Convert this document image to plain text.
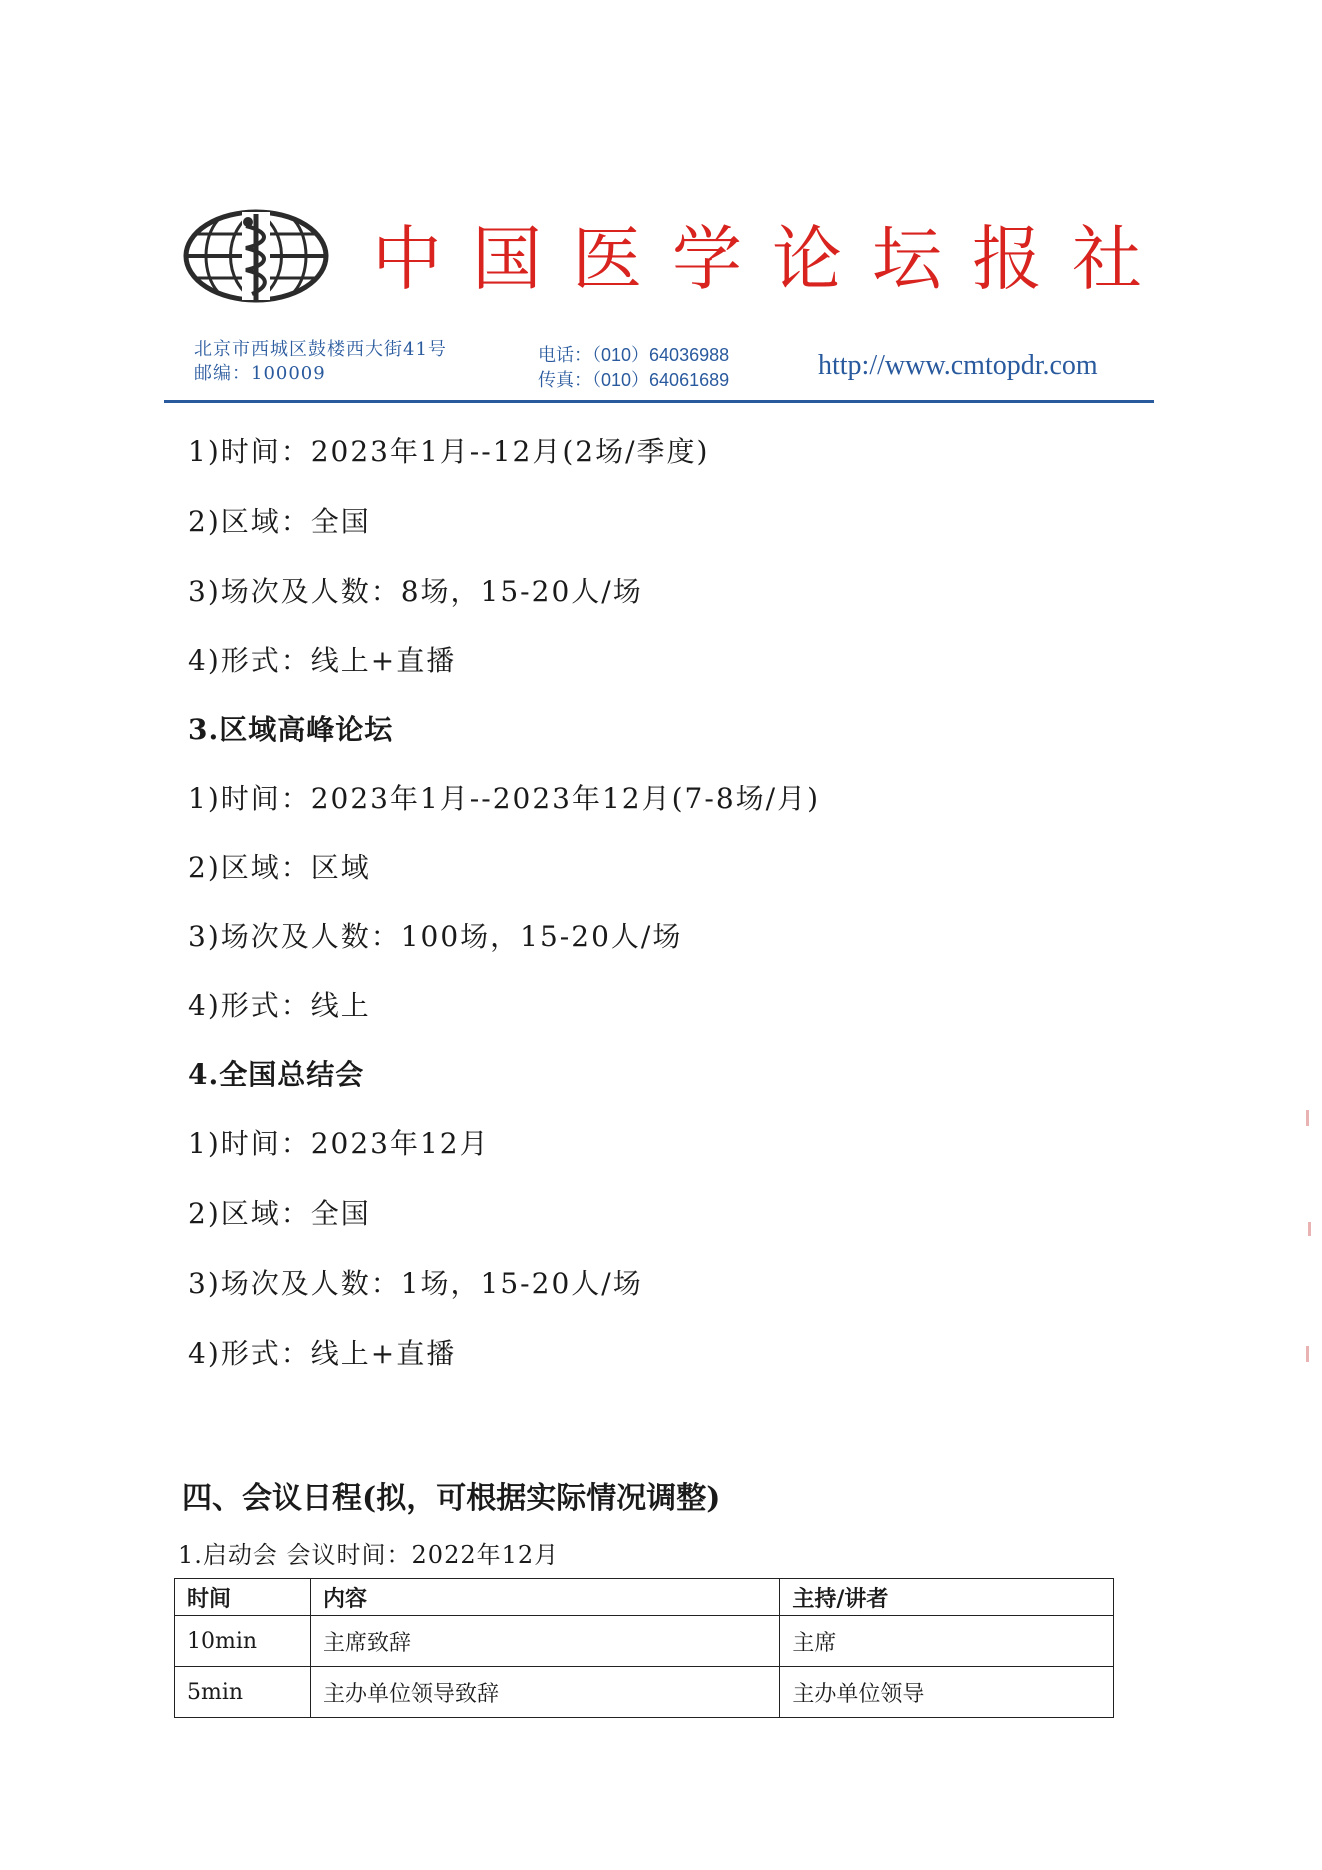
中国医学论坛报社
北京市西城区鼓楼西大街41号
邮编：100009
电话：（010）64036988
传真：（010）64061689	http://www.cmtopdr.com
1)时间：2023年1月--12月(2场/季度)
2)区域：全国
3)场次及人数：8场，15-20人/场
4)形式：线上+直播
3.区域高峰论坛
1)时间：2023年1月--2023年12月(7-8场/月)
2)区域：区域
3)场次及人数：100场，15-20人/场
4)形式：线上
4.全国总结会
1)时间：2023年12月
2)区域：全国
3)场次及人数：1场，15-20人/场
4)形式：线上+直播
四、会议日程(拟，可根据实际情况调整)
1.启动会 会议时间：2022年12月
时间	内容	主持/讲者
10min	主席致辞	主席
5min	主办单位领导致辞	主办单位领导
